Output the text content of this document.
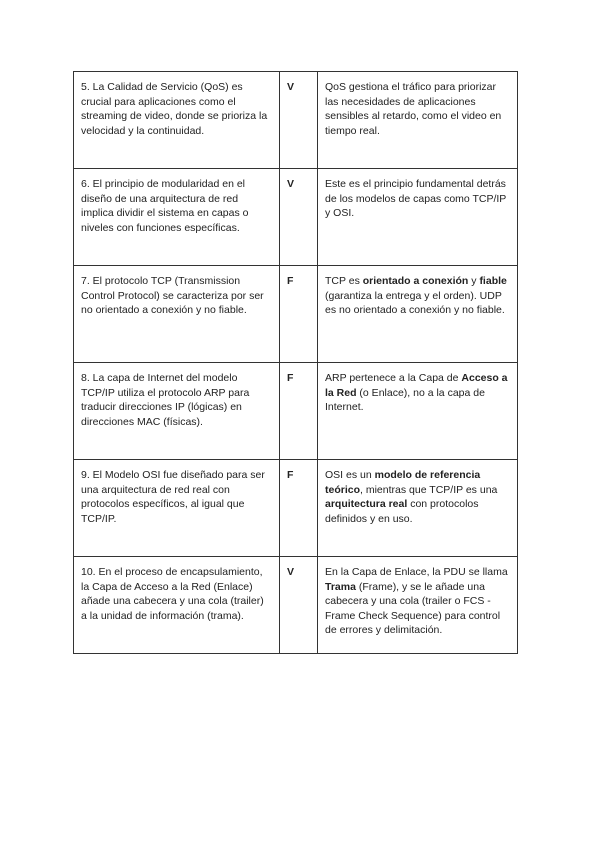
5. La Calidad de Servicio (QoS) es crucial para aplicaciones como el streaming de video, donde se prioriza la velocidad y la continuidad.	V	QoS gestiona el tráfico para priorizar las necesidades de aplicaciones sensibles al retardo, como el video en tiempo real.
6. El principio de modularidad en el diseño de una arquitectura de red implica dividir el sistema en capas o niveles con funciones específicas.	V	Este es el principio fundamental detrás de los modelos de capas como TCP/IP y OSI.
7. El protocolo TCP (Transmission Control Protocol) se caracteriza por ser no orientado a conexión y no fiable.	F	TCP es orientado a conexión y fiable (garantiza la entrega y el orden). UDP es no orientado a conexión y no fiable.
8. La capa de Internet del modelo TCP/IP utiliza el protocolo ARP para traducir direcciones IP (lógicas) en direcciones MAC (físicas).	F	ARP pertenece a la Capa de Acceso a la Red (o Enlace), no a la capa de Internet.
9. El Modelo OSI fue diseñado para ser una arquitectura de red real con protocolos específicos, al igual que TCP/IP.	F	OSI es un modelo de referencia teórico, mientras que TCP/IP es una arquitectura real con protocolos definidos y en uso.
10. En el proceso de encapsulamiento, la Capa de Acceso a la Red (Enlace) añade una cabecera y una cola (trailer) a la unidad de información (trama).	V	En la Capa de Enlace, la PDU se llama Trama (Frame), y se le añade una cabecera y una cola (trailer o FCS - Frame Check Sequence) para control de errores y delimitación.
